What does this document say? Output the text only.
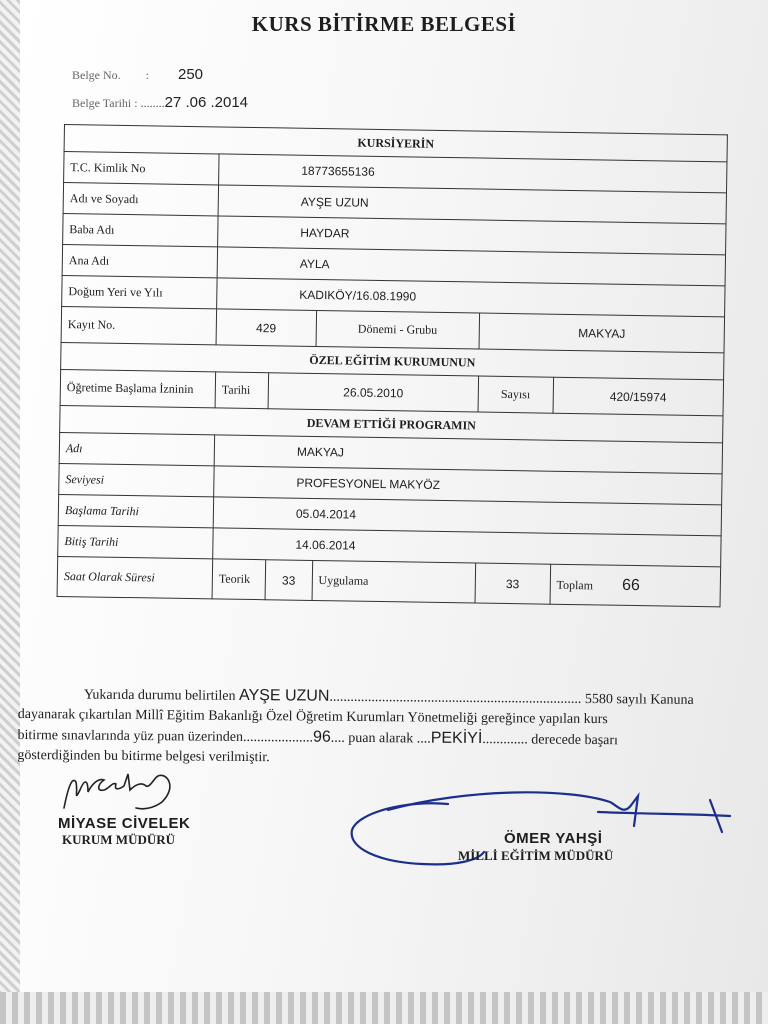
KURS BİTİRME BELGESİ
Belge No. : 250
Belge Tarihi : ........27 .06 .2014
KURSİYERİN					
T.C. Kimlik No	18773655136				
Adı ve Soyadı	AYŞE UZUN				
Baba Adı	HAYDAR				
Ana Adı	AYLA				
Doğum Yeri ve Yılı	KADIKÖY/16.08.1990				
Kayıt No.	429		Dönemi - Grubu	MAKYAJ	
ÖZEL EĞİTİM KURUMUNUN					
Öğretime Başlama İzninin	Tarihi	26.05.2010		Sayısı	420/15974
DEVAM ETTİĞİ PROGRAMIN					
Adı	MAKYAJ				
Seviyesi	PROFESYONEL MAKYÖZ				
Başlama Tarihi	05.04.2014				
Bitiş Tarihi	14.06.2014				
Saat Olarak Süresi	Teorik	33	Uygulama	33	Toplam 66
Yukarıda durumu belirtilen AYŞE UZUN........................................................................ 5580 sayılı Kanuna
dayanarak çıkartılan Millî Eğitim Bakanlığı Özel Öğretim Kurumları Yönetmeliği gereğince yapılan kurs
bitirme sınavlarında yüz puan üzerinden....................96.... puan alarak ....PEKİYİ............. derecede başarı
gösterdiğinden bu bitirme belgesi verilmiştir.
MİYASE CİVELEK
KURUM MÜDÜRÜ	ÖMER YAHŞİ
MİLLİ EĞİTİM MÜDÜRÜ
